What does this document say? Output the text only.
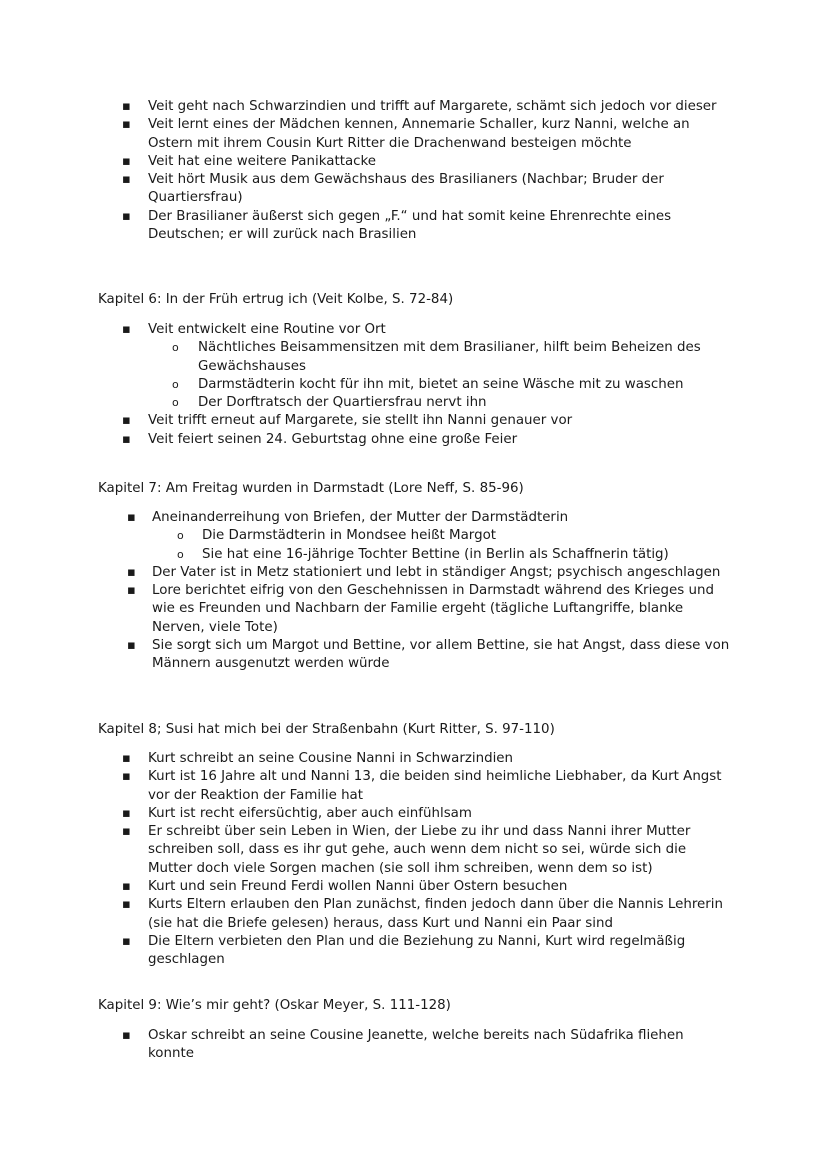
▪ Veit geht nach Schwarzindien und trifft auf Margarete, schämt sich jedoch vor dieser
▪ Veit lernt eines der Mädchen kennen, Annemarie Schaller, kurz Nanni, welche an Ostern mit ihrem Cousin Kurt Ritter die Drachenwand besteigen möchte
▪ Veit hat eine weitere Panikattacke
▪ Veit hört Musik aus dem Gewächshaus des Brasilianers (Nachbar; Bruder der Quartiersfrau)
▪ Der Brasilianer äußerst sich gegen „F.“ und hat somit keine Ehrenrechte eines Deutschen; er will zurück nach Brasilien
Kapitel 6: In der Früh ertrug ich (Veit Kolbe, S. 72-84)
▪ Veit entwickelt eine Routine vor Ort
o Nächtliches Beisammensitzen mit dem Brasilianer, hilft beim Beheizen des Gewächshauses
o Darmstädterin kocht für ihn mit, bietet an seine Wäsche mit zu waschen
o Der Dorftratsch der Quartiersfrau nervt ihn
▪ Veit trifft erneut auf Margarete, sie stellt ihn Nanni genauer vor
▪ Veit feiert seinen 24. Geburtstag ohne eine große Feier
Kapitel 7: Am Freitag wurden in Darmstadt (Lore Neff, S. 85-96)
▪ Aneinanderreihung von Briefen, der Mutter der Darmstädterin
o Die Darmstädterin in Mondsee heißt Margot
o Sie hat eine 16-jährige Tochter Bettine (in Berlin als Schaffnerin tätig)
▪ Der Vater ist in Metz stationiert und lebt in ständiger Angst; psychisch angeschlagen
▪ Lore berichtet eifrig von den Geschehnissen in Darmstadt während des Krieges und wie es Freunden und Nachbarn der Familie ergeht (tägliche Luftangriffe, blanke Nerven, viele Tote)
▪ Sie sorgt sich um Margot und Bettine, vor allem Bettine, sie hat Angst, dass diese von Männern ausgenutzt werden würde
Kapitel 8; Susi hat mich bei der Straßenbahn (Kurt Ritter, S. 97-110)
▪ Kurt schreibt an seine Cousine Nanni in Schwarzindien
▪ Kurt ist 16 Jahre alt und Nanni 13, die beiden sind heimliche Liebhaber, da Kurt Angst vor der Reaktion der Familie hat
▪ Kurt ist recht eifersüchtig, aber auch einfühlsam
▪ Er schreibt über sein Leben in Wien, der Liebe zu ihr und dass Nanni ihrer Mutter schreiben soll, dass es ihr gut gehe, auch wenn dem nicht so sei, würde sich die Mutter doch viele Sorgen machen (sie soll ihm schreiben, wenn dem so ist)
▪ Kurt und sein Freund Ferdi wollen Nanni über Ostern besuchen
▪ Kurts Eltern erlauben den Plan zunächst, finden jedoch dann über die Nannis Lehrerin (sie hat die Briefe gelesen) heraus, dass Kurt und Nanni ein Paar sind
▪ Die Eltern verbieten den Plan und die Beziehung zu Nanni, Kurt wird regelmäßig geschlagen
Kapitel 9: Wie’s mir geht? (Oskar Meyer, S. 111-128)
▪ Oskar schreibt an seine Cousine Jeanette, welche bereits nach Südafrika fliehen konnte
